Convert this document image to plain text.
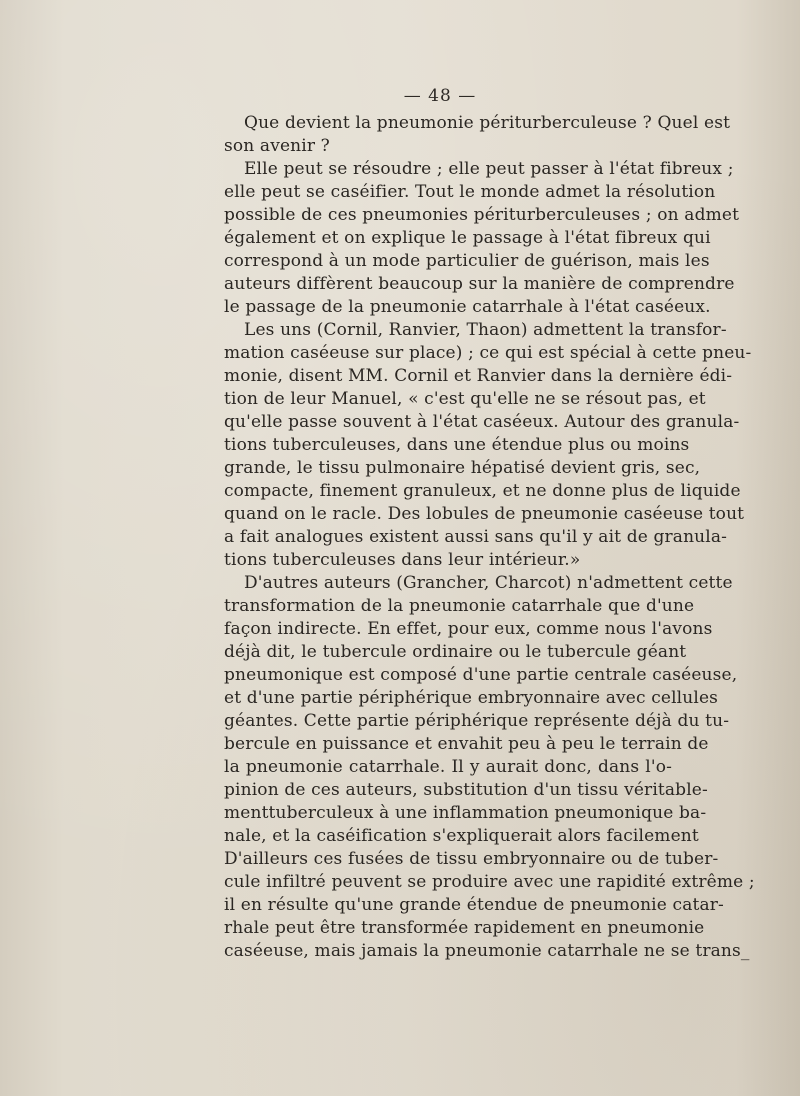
— 48 —
Que devient la pneumonie périturberculeuse ? Quel est
son avenir ?
Elle peut se résoudre ; elle peut passer à l'état fibreux ;
elle peut se caséifier. Tout le monde admet la résolution
possible de ces pneumonies périturberculeuses ; on admet
également et on explique le passage à l'état fibreux qui
correspond à un mode particulier de guérison, mais les
auteurs diffèrent beaucoup sur la manière de comprendre
le passage de la pneumonie catarrhale à l'état caséeux.
Les uns (Cornil, Ranvier, Thaon) admettent la transfor-
mation caséeuse sur place) ; ce qui est spécial à cette pneu-
monie, disent MM. Cornil et Ranvier dans la dernière édi-
tion de leur Manuel, « c'est qu'elle ne se résout pas, et
qu'elle passe souvent à l'état caséeux. Autour des granula-
tions tuberculeuses, dans une étendue plus ou moins
grande, le tissu pulmonaire hépatisé devient gris, sec,
compacte, finement granuleux, et ne donne plus de liquide
quand on le racle. Des lobules de pneumonie caséeuse tout
a fait analogues existent aussi sans qu'il y ait de granula-
tions tuberculeuses dans leur intérieur.»
D'autres auteurs (Grancher, Charcot) n'admettent cette
transformation de la pneumonie catarrhale que d'une
façon indirecte. En effet, pour eux, comme nous l'avons
déjà dit, le tubercule ordinaire ou le tubercule géant
pneumonique est composé d'une partie centrale caséeuse,
et d'une partie périphérique embryonnaire avec cellules
géantes. Cette partie périphérique représente déjà du tu-
bercule en puissance et envahit peu à peu le terrain de
la pneumonie catarrhale. Il y aurait donc, dans l'o-
pinion de ces auteurs, substitution d'un tissu véritable-
menttuberculeux à une inflammation pneumonique ba-
nale, et la caséification s'expliquerait alors facilement
D'ailleurs ces fusées de tissu embryonnaire ou de tuber-
cule infiltré peuvent se produire avec une rapidité extrême ;
il en résulte qu'une grande étendue de pneumonie catar-
rhale peut être transformée rapidement en pneumonie
caséeuse, mais jamais la pneumonie catarrhale ne se trans_
